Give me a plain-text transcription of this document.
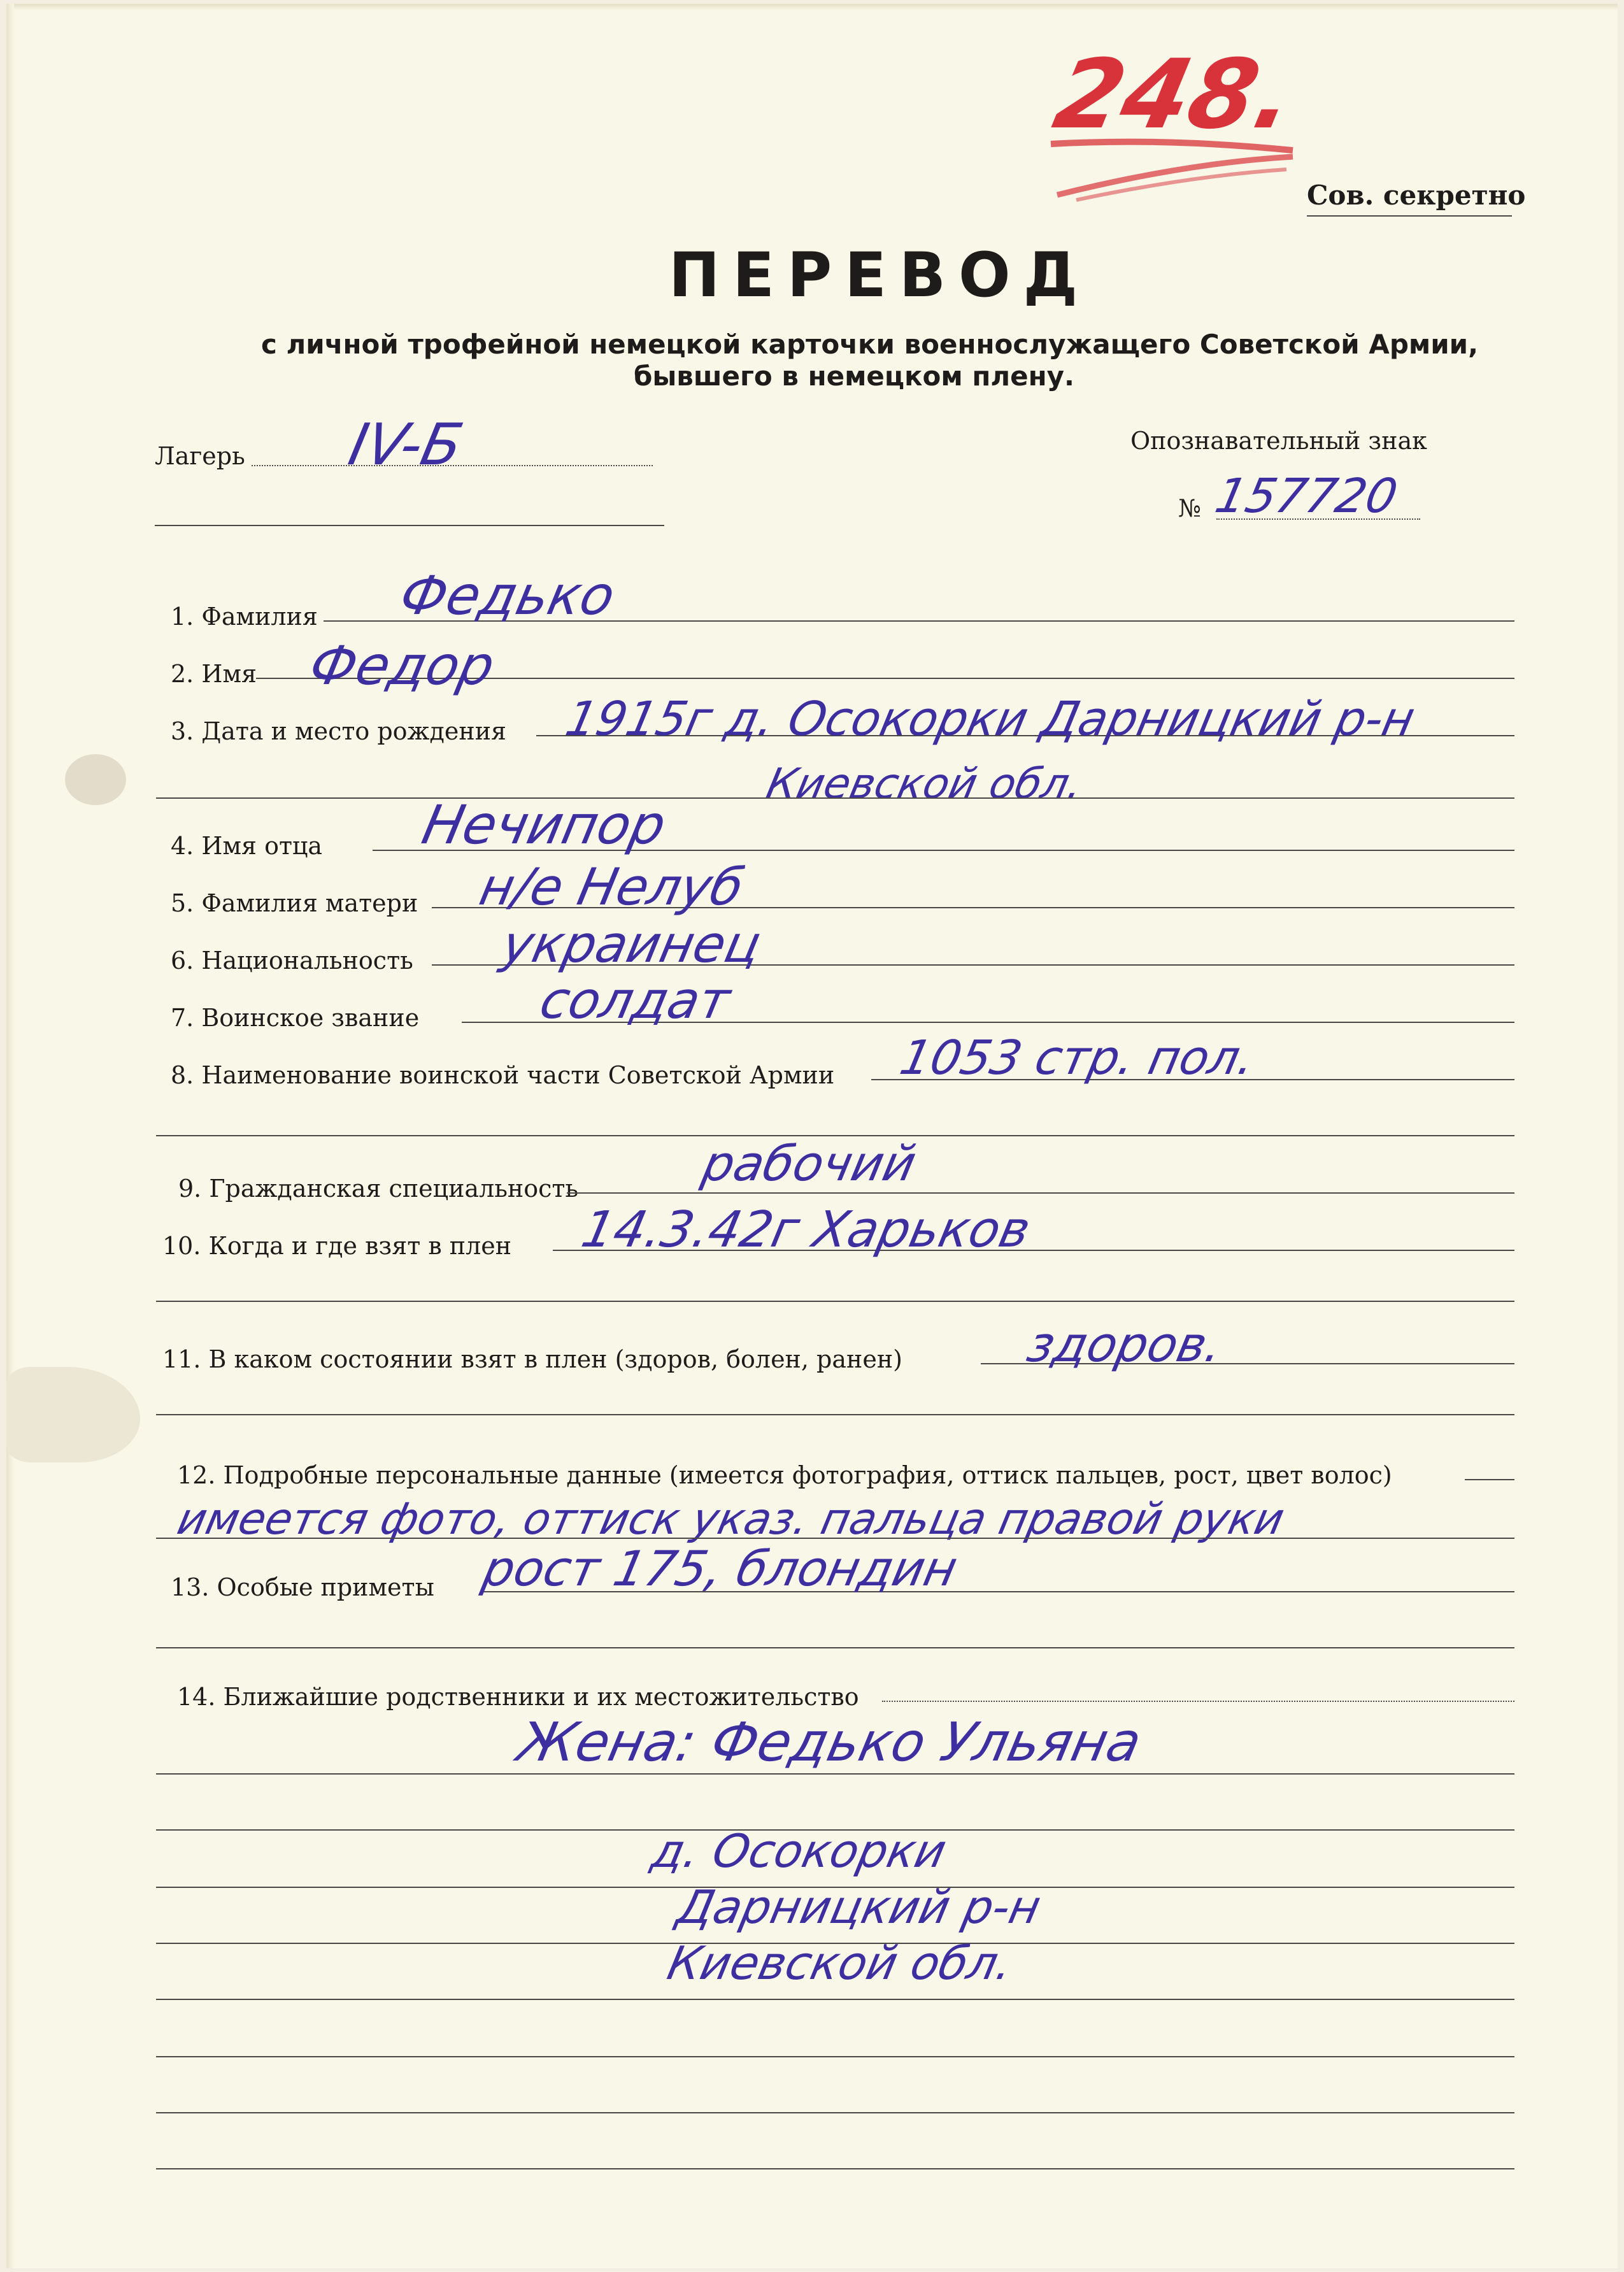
248.
Сов. секретно
ПЕРЕВОД
с личной трофейной немецкой карточки военнослужащего Советской Армии,
бывшего в немецком плену.
Лагерь IV-Б	Опознавательный знак
№ 157720
1. Фамилия Федько
2. Имя Федор
3. Дата и место рождения 1915г д. Осокорки Дарницкий р-н
Киевской обл.
4. Имя отца Нечипор
5. Фамилия матери н/е Нелуб
6. Национальность украинец
7. Воинское звание солдат
8. Наименование воинской части Советской Армии 1053 стр. пол.
9. Гражданская специальность рабочий
10. Когда и где взят в плен 14.3.42г Харьков
11. В каком состоянии взят в плен (здоров, болен, ранен) здоров.
12. Подробные персональные данные (имеется фотография, оттиск пальцев, рост, цвет волос)
имеется фото, оттиск указ. пальца правой руки
13. Особые приметы рост 175, блондин
14. Ближайшие родственники и их местожительство
Жена: Федько Ульяна
д. Осокорки
Дарницкий р-н
Киевской обл.
